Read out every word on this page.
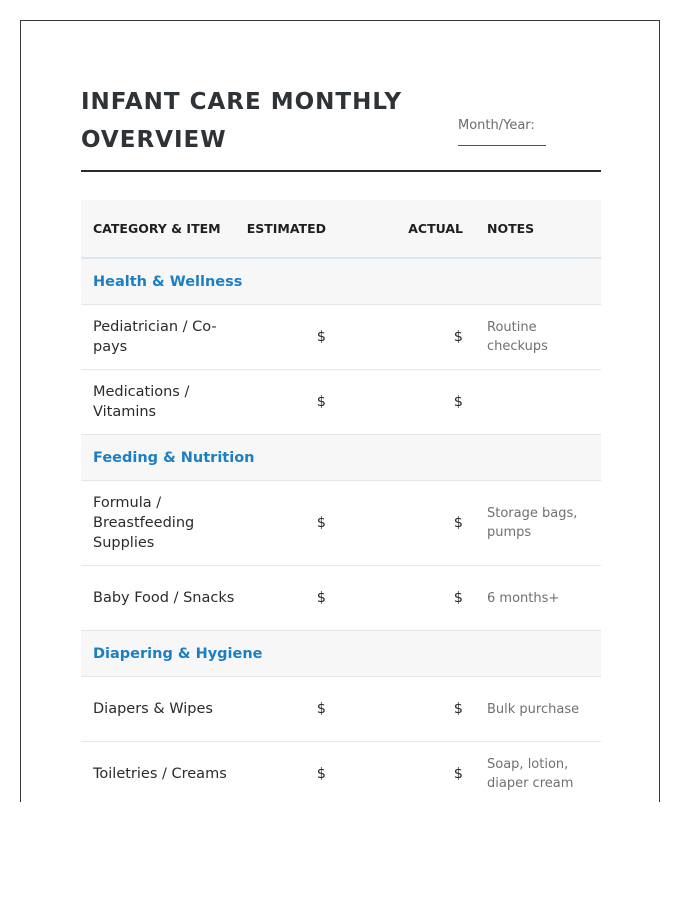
INFANT CARE MONTHLY OVERVIEW
Month/Year:
CATEGORY & ITEM	ESTIMATED	ACTUAL	NOTES
Health & Wellness			
Pediatrician / Co-pays	$	$	Routine checkups
Medications / Vitamins	$	$	
Feeding & Nutrition			
Formula / Breastfeeding Supplies	$	$	Storage bags, pumps
Baby Food / Snacks	$	$	6 months+
Diapering & Hygiene			
Diapers & Wipes	$	$	Bulk purchase
Toiletries / Creams	$	$	Soap, lotion, diaper cream
